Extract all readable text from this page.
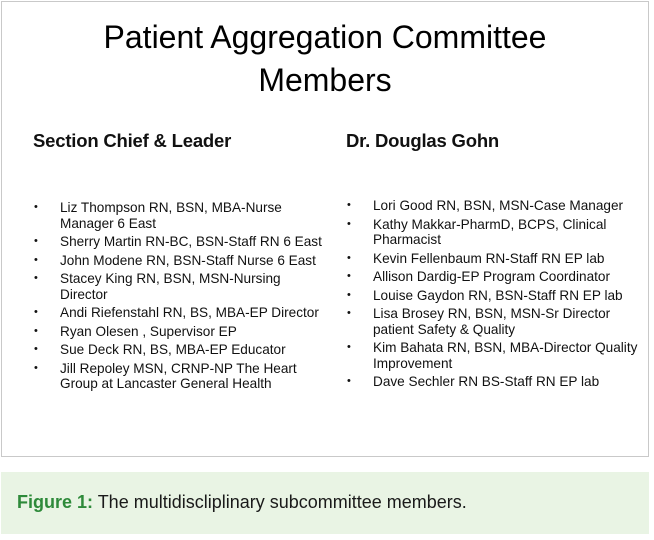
Patient Aggregation Committee
Members
Section Chief & Leader
• Liz Thompson RN, BSN, MBA-Nurse Manager 6 East
• Sherry Martin RN-BC, BSN-Staff RN 6 East
• John Modene RN, BSN-Staff Nurse 6 East
• Stacey King RN, BSN, MSN-Nursing Director
• Andi Riefenstahl RN, BS, MBA-EP Director
• Ryan Olesen , Supervisor EP
• Sue Deck RN, BS, MBA-EP Educator
• Jill Repoley MSN, CRNP-NP The Heart Group at Lancaster General Health
Dr. Douglas Gohn
• Lori Good RN, BSN, MSN-Case Manager
• Kathy Makkar-PharmD, BCPS, Clinical Pharmacist
• Kevin Fellenbaum RN-Staff RN EP lab
• Allison Dardig-EP Program Coordinator
• Louise Gaydon RN, BSN-Staff RN EP lab
• Lisa Brosey RN, BSN, MSN-Sr Director patient Safety & Quality
• Kim Bahata RN, BSN, MBA-Director Quality Improvement
• Dave Sechler RN BS-Staff RN EP lab
Figure 1: The multidiscliplinary subcommittee members.
